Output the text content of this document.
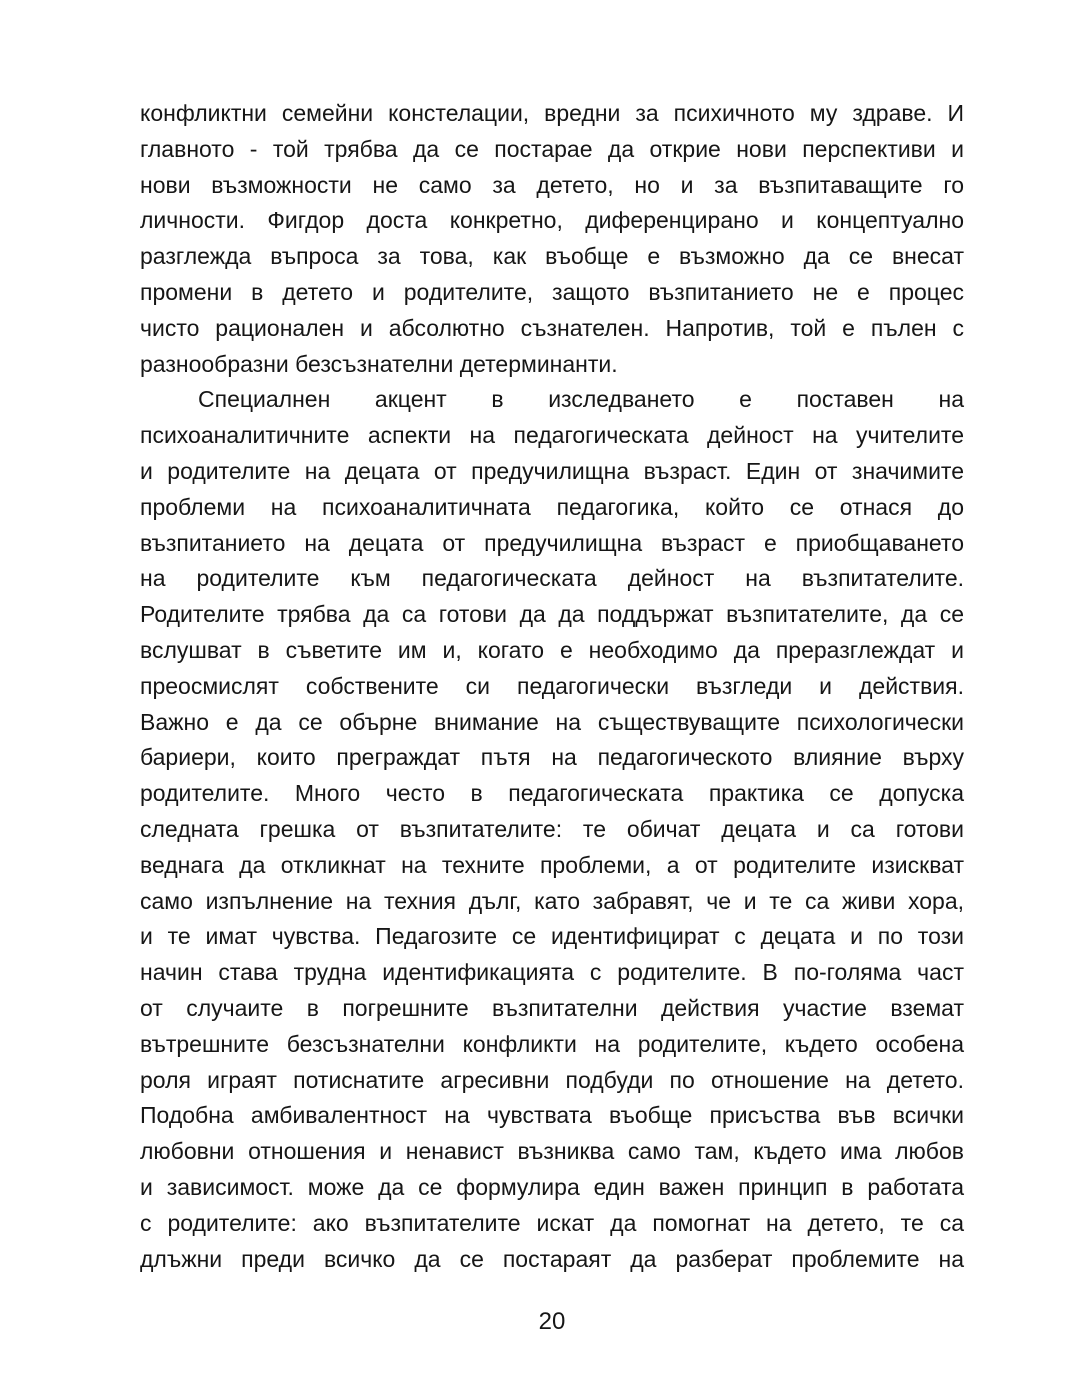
конфликтни семейни констелации, вредни за психичното му здраве. И
главното - той трябва да се постарае да открие нови перспективи и
нови възможности не само за детето, но и за възпитаващите го
личности. Фигдор доста конкретно, диференцирано и концептуално
разглежда въпроса за това, как въобще е възможно да се внесат
промени в детето и родителите, защото възпитанието не е процес
чисто рационален и абсолютно съзнателен. Напротив, той е пълен с
разнообразни безсъзнателни детерминанти.
Специалнен акцент в изследването е поставен на
психоаналитичните аспекти на педагогическата дейност на учителите
и родителите на децата от предучилищна възраст. Един от значимите
проблеми на психоаналитичната педагогика, който се отнася до
възпитанието на децата от предучилищна възраст е приобщаването
на родителите към педагогическата дейност на възпитателите.
Родителите трябва да са готови да да поддържат възпитателите, да се
вслушват в съветите им и, когато е необходимо да преразглеждат и
преосмислят собствените си педагогически възгледи и действия.
Важно е да се обърне внимание на съществуващите психологически
бариери, които преграждат пътя на педагогическото влияние върху
родителите. Много често в педагогическата практика се допуска
следната грешка от възпитателите: те обичат децата и са готови
веднага да откликнат на техните проблеми, а от родителите изискват
само изпълнение на техния дълг, като забравят, че и те са живи хора,
и те имат чувства. Педагозите се идентифицират с децата и по този
начин става трудна идентификацията с родителите. В по-голяма част
от случаите в погрешните възпитателни действия участие вземат
вътрешните безсъзнателни конфликти на родителите, където особена
роля играят потиснатите агресивни подбуди по отношение на детето.
Подобна амбивалентност на чувствата въобще присъства във всички
любовни отношения и ненавист възниква само там, където има любов
и зависимост. може да се формулира един важен принцип в работата
с родителите: ако възпитателите искат да помогнат на детето, те са
длъжни преди всичко да се постараят да разберат проблемите на
20
